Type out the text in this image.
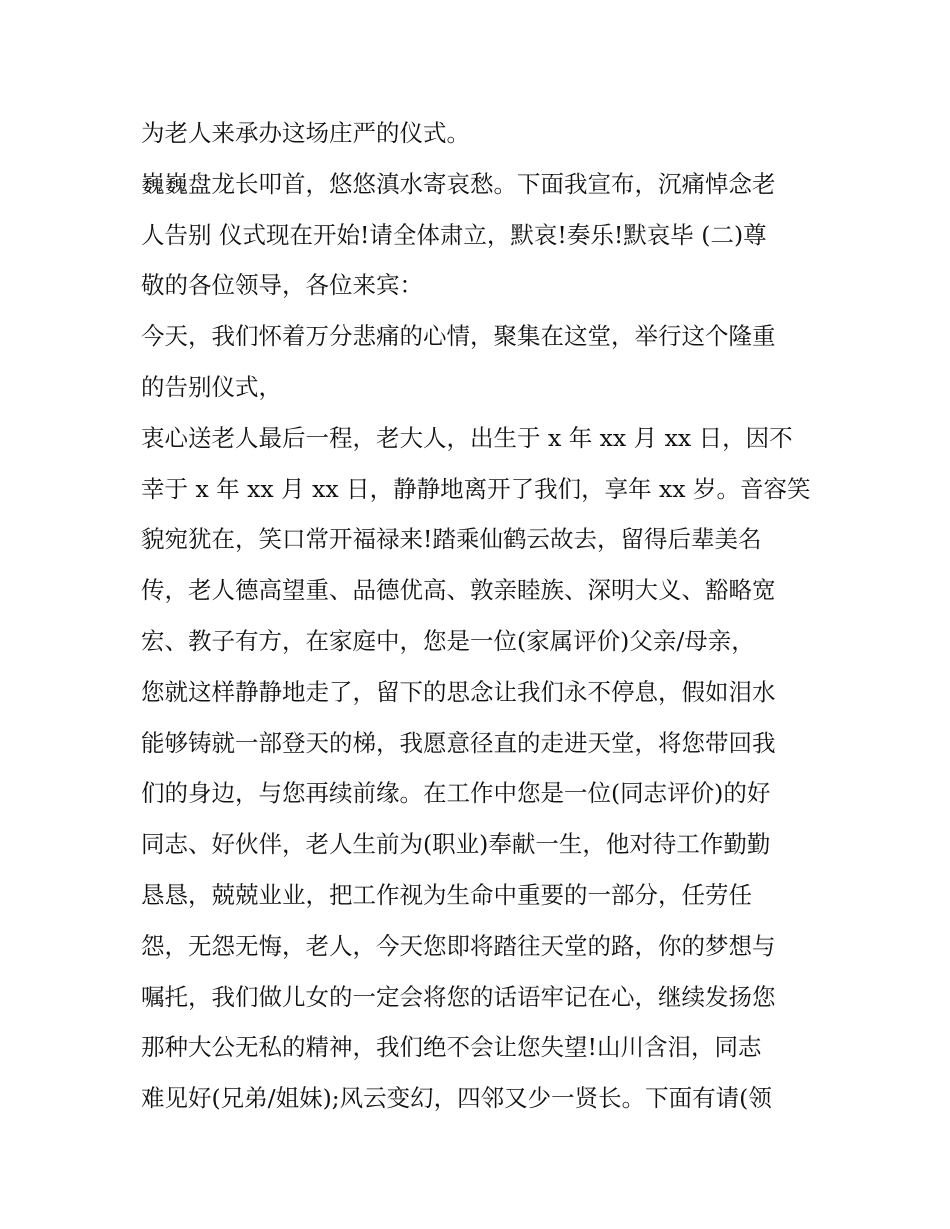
为老人来承办这场庄严的仪式。
巍巍盘龙长叩首，悠悠滇水寄哀愁。下面我宣布，沉痛悼念老
人告别 仪式现在开始!请全体肃立，默哀!奏乐!默哀毕 (二)尊
敬的各位领导，各位来宾：
今天，我们怀着万分悲痛的心情，聚集在这堂，举行这个隆重
的告别仪式，
衷心送老人最后一程，老大人，出生于 x 年 xx 月 xx 日，因不
幸于 x 年 xx 月 xx 日，静静地离开了我们，享年 xx 岁。音容笑
貌宛犹在，笑口常开福禄来!踏乘仙鹤云故去，留得后辈美名
传，老人德高望重、品德优高、敦亲睦族、深明大义、豁略宽
宏、教子有方，在家庭中，您是一位(家属评价)父亲/母亲，
您就这样静静地走了，留下的思念让我们永不停息，假如泪水
能够铸就一部登天的梯，我愿意径直的走进天堂，将您带回我
们的身边，与您再续前缘。在工作中您是一位(同志评价)的好
同志、好伙伴，老人生前为(职业)奉献一生，他对待工作勤勤
恳恳，兢兢业业，把工作视为生命中重要的一部分，任劳任
怨，无怨无悔，老人，今天您即将踏往天堂的路，你的梦想与
嘱托，我们做儿女的一定会将您的话语牢记在心，继续发扬您
那种大公无私的精神，我们绝不会让您失望!山川含泪，同志
难见好(兄弟/姐妹);风云变幻，四邻又少一贤长。下面有请(领
